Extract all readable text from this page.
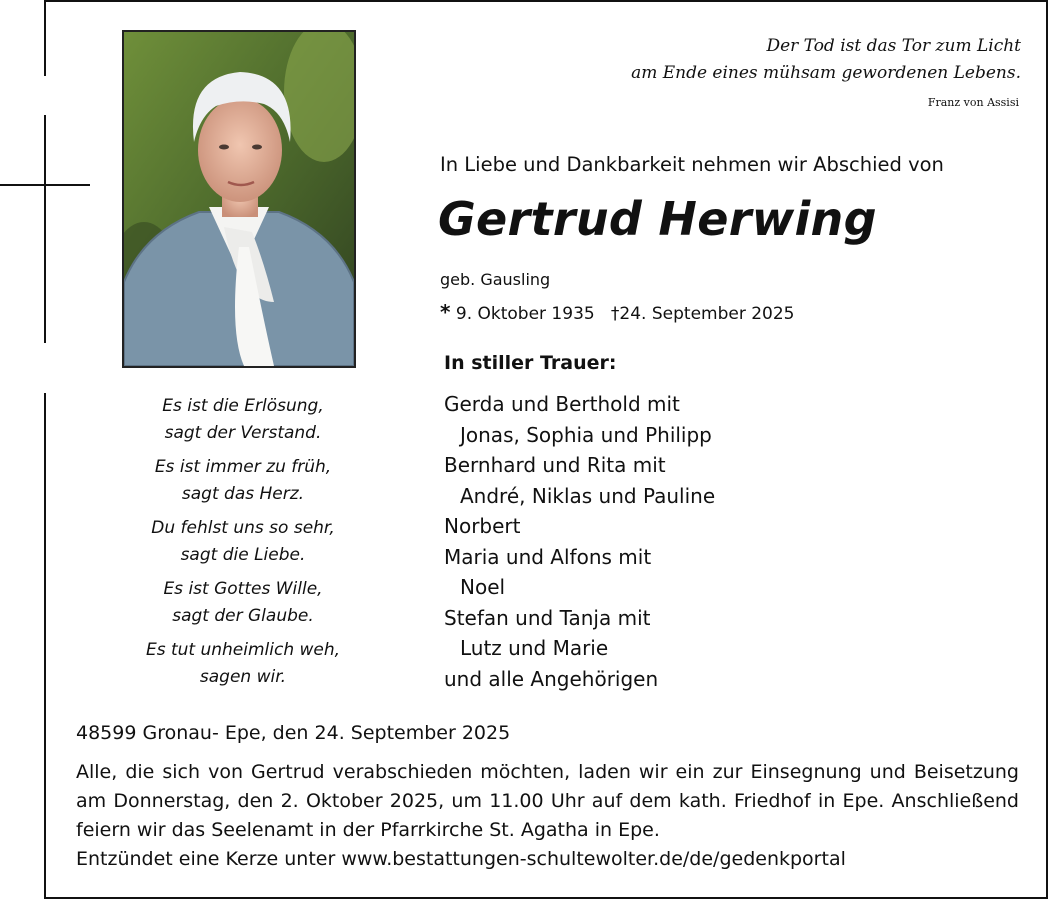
Der Tod ist das Tor zum Licht
am Ende eines mühsam gewordenen Lebens.
Franz von Assisi
In Liebe und Dankbarkeit nehmen wir Abschied von
Gertrud Herwing
geb. Gausling
* 9. Oktober 1935 †24. September 2025
Es ist die Erlösung,
sagt der Verstand.
Es ist immer zu früh,
sagt das Herz.
Du fehlst uns so sehr,
sagt die Liebe.
Es ist Gottes Wille,
sagt der Glaube.
Es tut unheimlich weh,
sagen wir.
In stiller Trauer:
Gerda und Berthold mit
Jonas, Sophia und Philipp
Bernhard und Rita mit
André, Niklas und Pauline
Norbert
Maria und Alfons mit
Noel
Stefan und Tanja mit
Lutz und Marie
und alle Angehörigen
48599 Gronau- Epe, den 24. September 2025
Alle, die sich von Gertrud verabschieden möchten, laden wir ein zur Einsegnung und Beisetzung am Donnerstag, den 2. Oktober 2025, um 11.00 Uhr auf dem kath. Friedhof in Epe. Anschließend feiern wir das Seelenamt in der Pfarrkirche St. Agatha in Epe.
Entzündet eine Kerze unter www.bestattungen-schultewolter.de/de/gedenkportal
